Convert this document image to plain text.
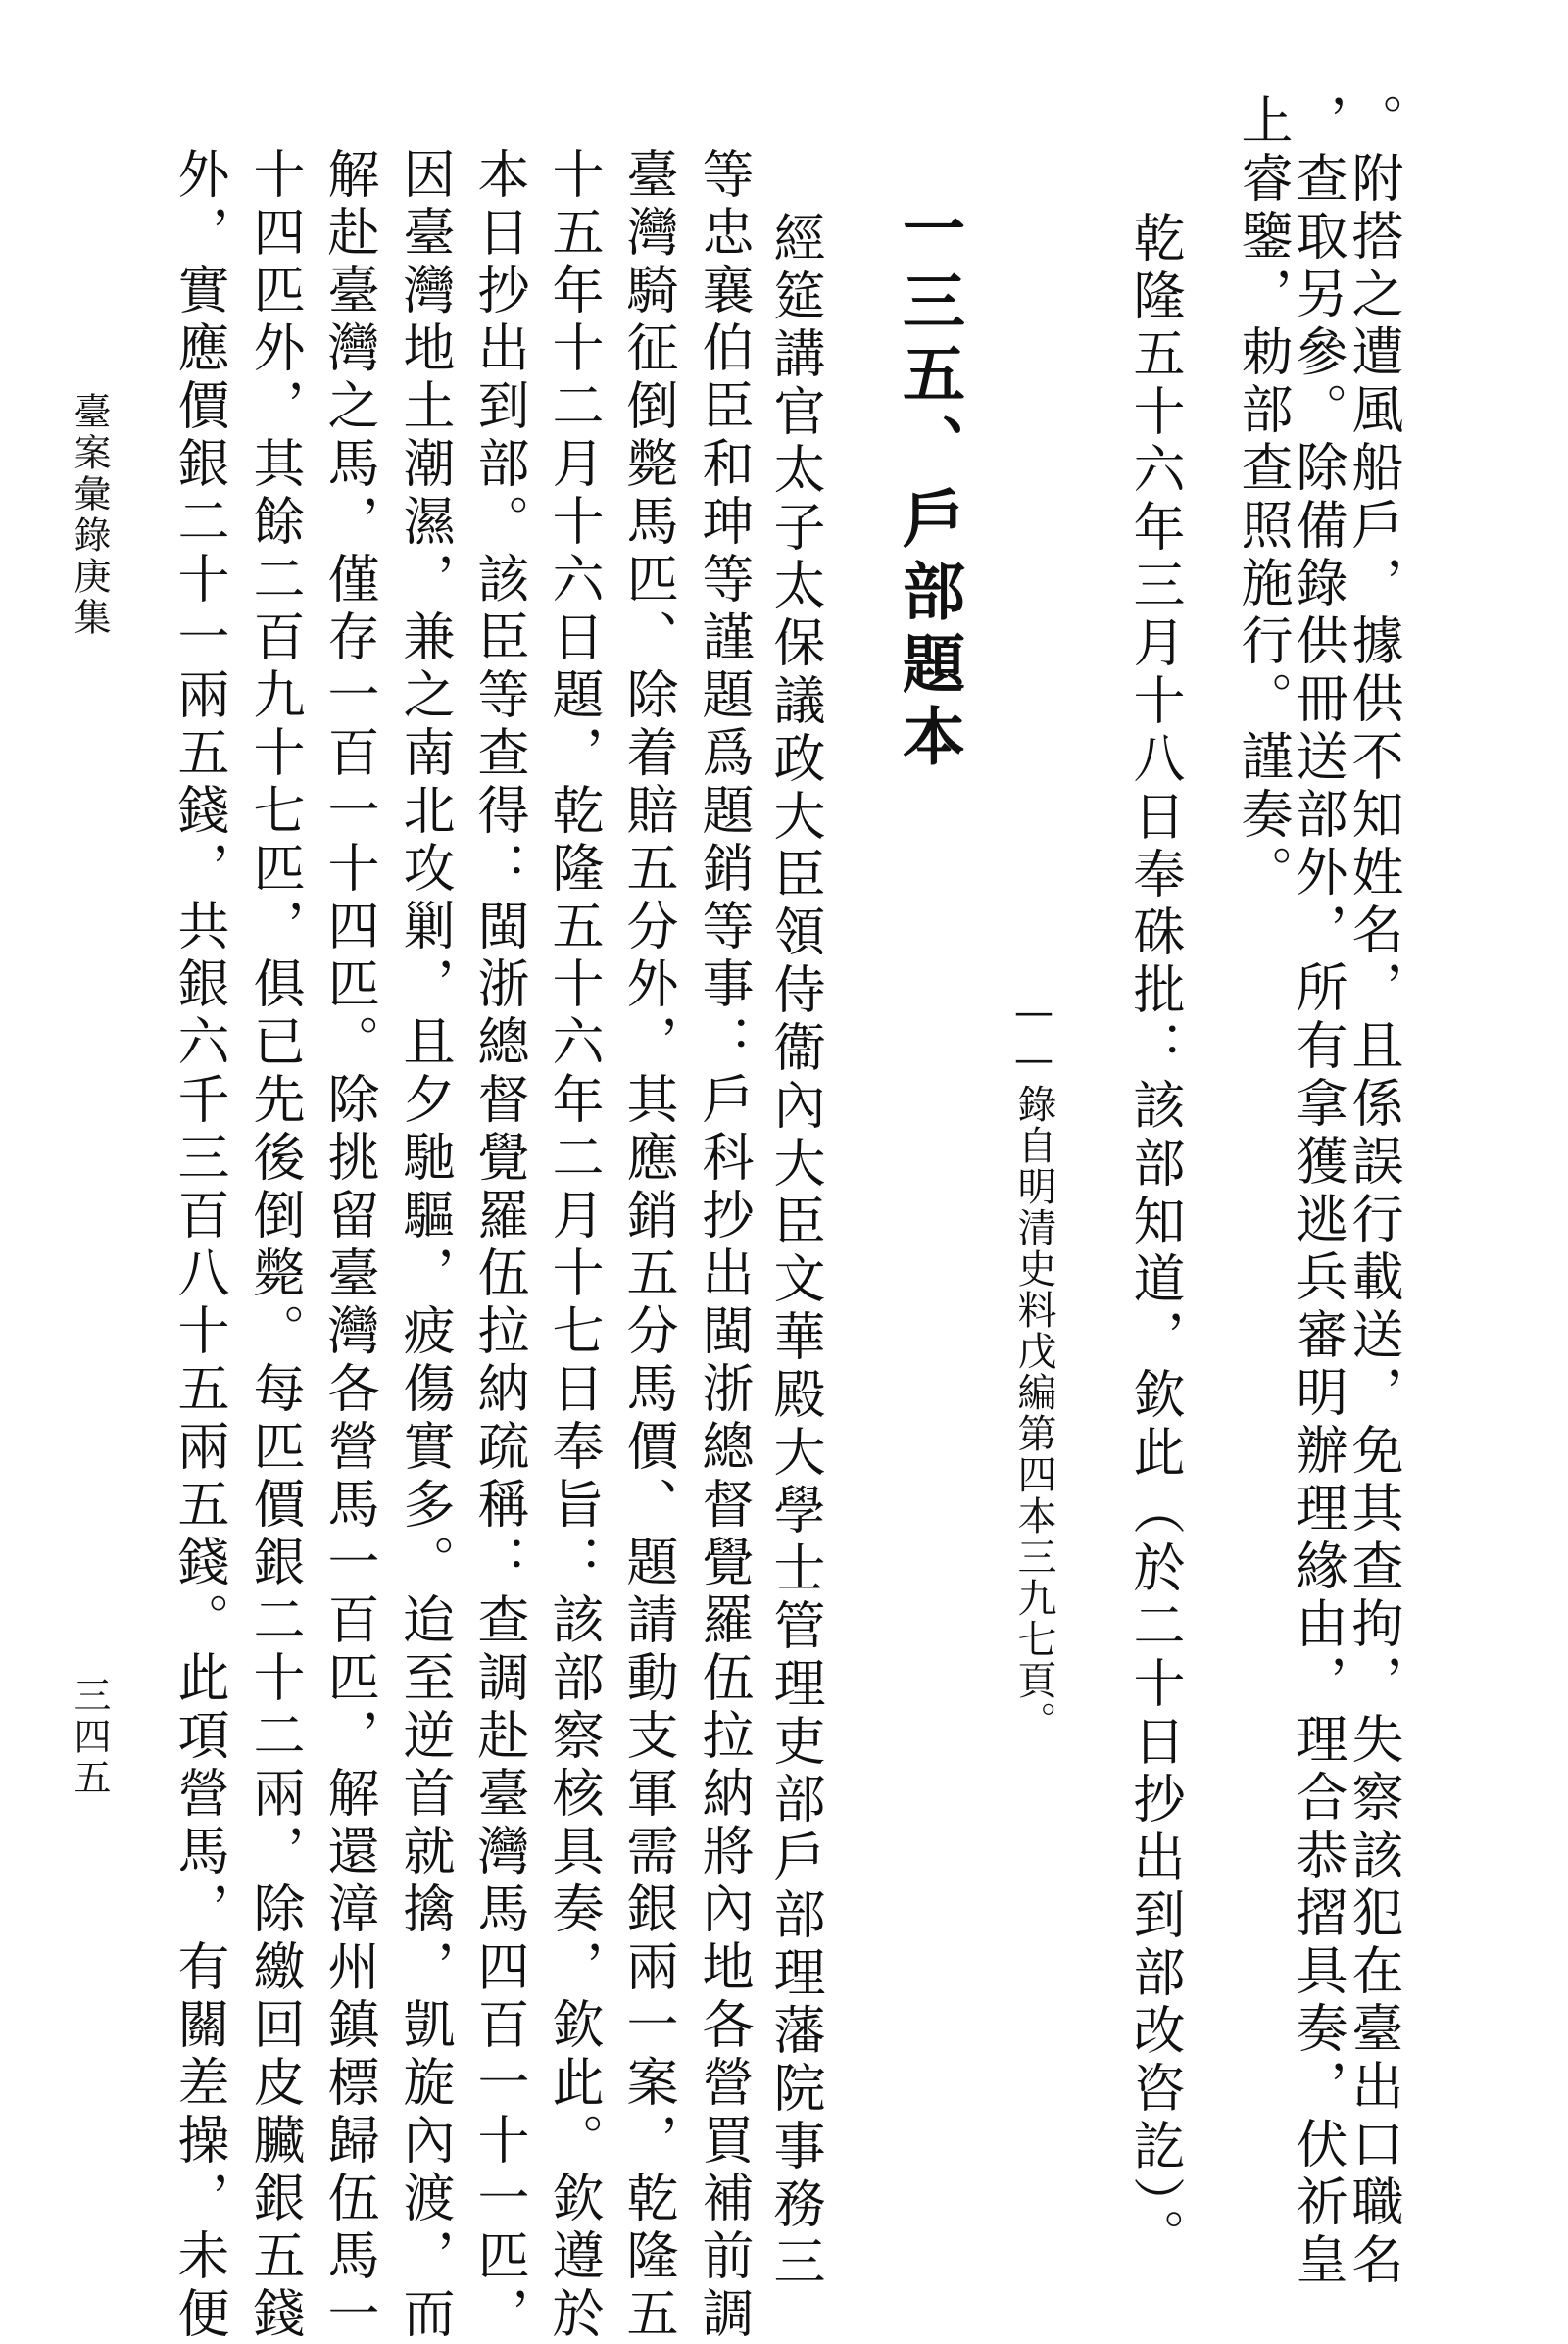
。附搭之遭風船戶，據供不知姓名，且係誤行載送，免其查拘，失察該犯在臺出口職名
，查取另參。除備錄供冊送部外，所有拿獲逃兵審明辦理緣由，理合恭摺具奏，伏祈皇
上睿鑒，勅部查照施行。謹奏。
乾隆五十六年三月十八日奉硃批：該部知道，欽此（於二十日抄出到部改咨訖）。
——錄自明清史料戊編第四本三九七頁。
一三五、戶部題本
經筵講官太子太保議政大臣領侍衞內大臣文華殿大學士管理吏部戶部理藩院事務三
等忠襄伯臣和珅等謹題爲題銷等事：戶科抄出閩浙總督覺羅伍拉納將內地各營買補前調
臺灣騎征倒斃馬匹、除着賠五分外，其應銷五分馬價、題請動支軍需銀兩一案，乾隆五
十五年十二月十六日題，乾隆五十六年二月十七日奉旨：該部察核具奏，欽此。欽遵於
本日抄出到部。該臣等查得：閩浙總督覺羅伍拉納疏稱：查調赴臺灣馬四百一十一匹，
因臺灣地土潮濕，兼之南北攻剿，且夕馳驅，疲傷實多。迨至逆首就擒，凱旋內渡，而
解赴臺灣之馬，僅存一百一十四匹。除挑留臺灣各營馬一百匹，解還漳州鎮標歸伍馬一
十四匹外，其餘二百九十七匹，俱已先後倒斃。每匹價銀二十二兩，除繳回皮臟銀五錢
外，實應價銀二十一兩五錢，共銀六千三百八十五兩五錢。此項營馬，有關差操，未便
臺案彙錄庚集
三四五
